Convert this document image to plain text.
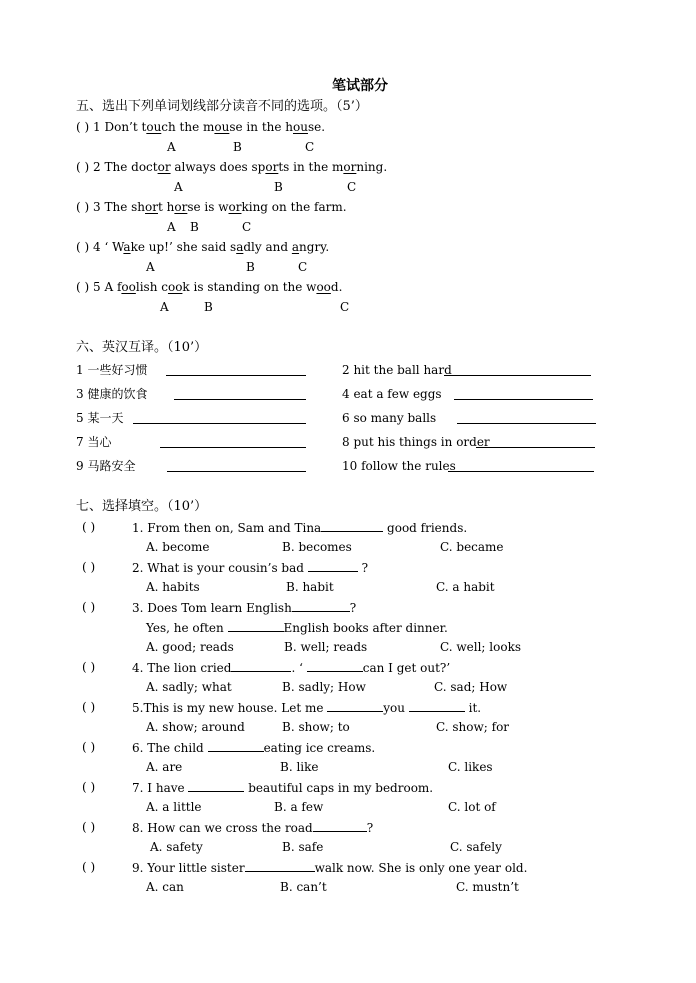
笔试部分
五、选出下列单词划线部分读音不同的选项。（5’）
( ) 1 Don’t touch the mouse in the house.
A	B	C
( ) 2 The doctor always does sports in the morning.
A	B	C
( ) 3 The short horse is working on the farm.
A B	C
( ) 4 ‘ Wake up!’ she said sadly and angry.
A	B	C
( ) 5 A foolish cook is standing on the wood.
A	B	C
六、英汉互译。（10’）
1 一些好习惯	2 hit the ball hard
3 健康的饮食	4 eat a few eggs
5 某一天	6 so many balls
7 当心	8 put his things in order
9 马路安全	10 follow the rules
七、选择填空。（10’）
( )	1. From then on, Sam and Tina	good friends.
A. become	B. becomes	C. became
( )	2. What is your cousin’s bad	?
A. habits	B. habit	C. a habit
( )	3. Does Tom learn English	?
Yes, he often	English books after dinner.
A. good; reads	B. well; reads	C. well; looks
( )	4. The lion cried	. ‘	can I get out?’
A. sadly; what	B. sadly; How	C. sad; How
( )	5.This is my new house. Let me	you	it.
A. show; around	B. show; to	C. show; for
( )	6. The child	eating ice creams.
A. are	B. like	C. likes
( )	7. I have	beautiful caps in my bedroom.
A. a little	B. a few	C. lot of
( )	8. How can we cross the road	?
A. safety	B. safe	C. safely
( )	9. Your little sister	walk now. She is only one year old.
A. can	B. can’t	C. mustn’t
